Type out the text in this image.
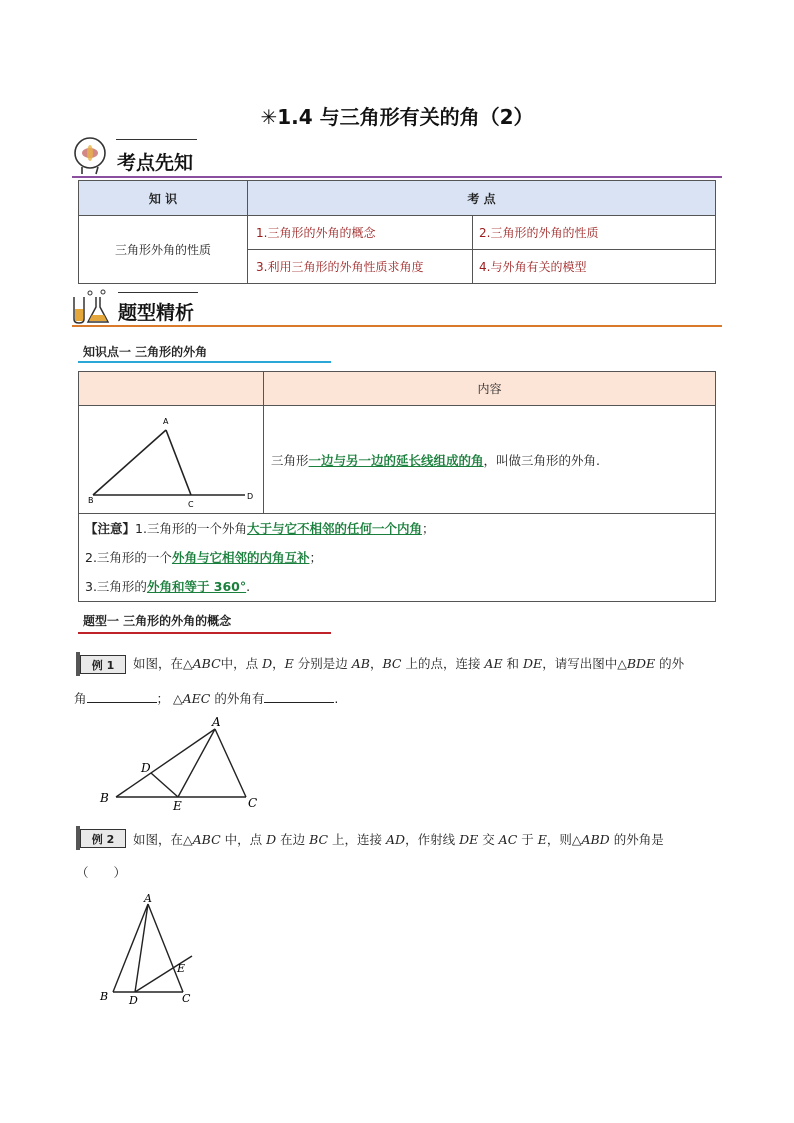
✳1.4 与三角形有关的角（2）
考点先知
知 识	考 点	
三角形外角的性质	1.三角形的外角的概念	2.三角形的外角的性质
	3.利用三角形的外角性质求角度	4.与外角有关的模型
题型精析
知识点一 三角形的外角
	内容

A
B C
D	三角形一边与另一边的延长线组成的角，叫做三角形的外角.

【注意】1.三角形的一个外角大于与它不相邻的任何一个内角；
2.三角形的一个外角与它相邻的内角互补；
3.三角形的外角和等于 360°.	
题型一 三角形的外角的概念
例 1	如图，在△ABC中，点 D，E 分别是边 AB，BC 上的点，连接 AE 和 DE，请写出图中△BDE 的外
角	； △AEC 的外角有	.
A
B	C
D
E
例 2	如图，在△ABC 中，点 D 在边 BC 上，连接 AD，作射线 DE 交 AC 于 E，则△ABD 的外角是
（　　）
A
B	C
D
E
